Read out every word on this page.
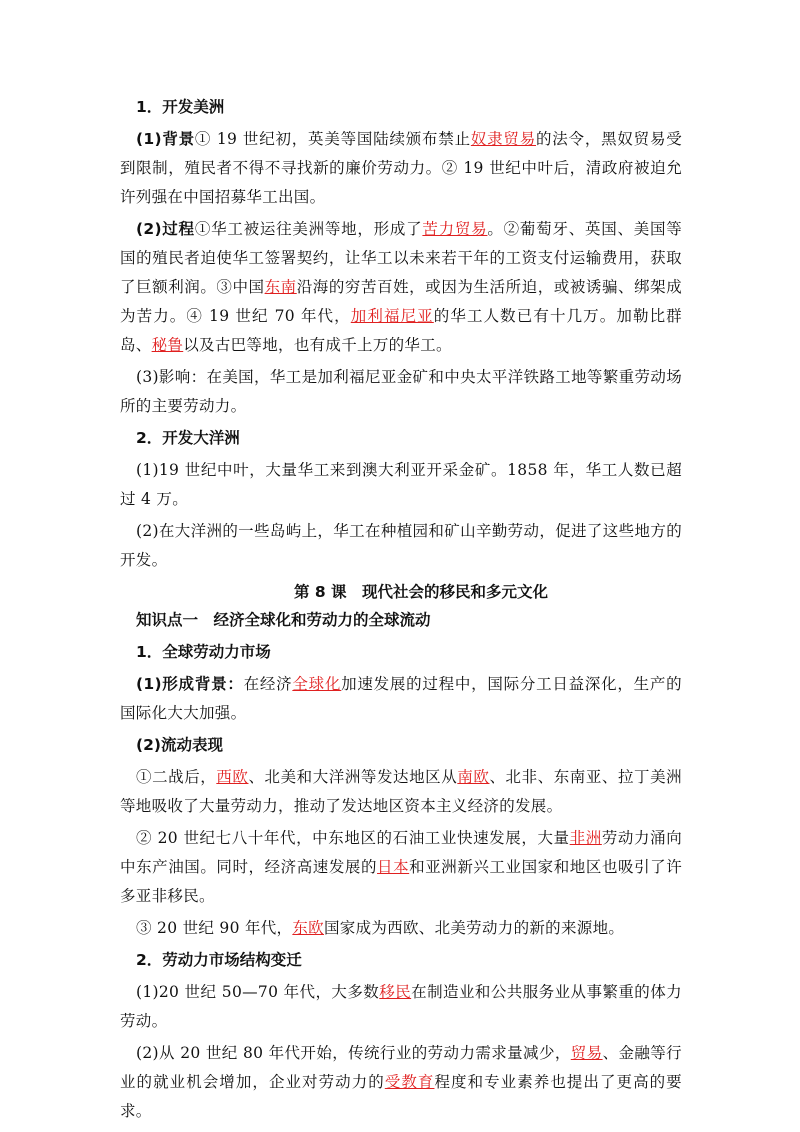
1．开发美洲

(1)背景① 19 世纪初，英美等国陆续颁布禁止奴隶贸易的法令，黑奴贸易受到限制，殖民者不得不寻找新的廉价劳动力。② 19 世纪中叶后，清政府被迫允许列强在中国招募华工出国。

(2)过程①华工被运往美洲等地，形成了苦力贸易。②葡萄牙、英国、美国等国的殖民者迫使华工签署契约，让华工以未来若干年的工资支付运输费用，获取了巨额利润。③中国东南沿海的穷苦百姓，或因为生活所迫，或被诱骗、绑架成为苦力。④ 19 世纪 70 年代，加利福尼亚的华工人数已有十几万。加勒比群岛、秘鲁以及古巴等地，也有成千上万的华工。

(3)影响：在美国，华工是加利福尼亚金矿和中央太平洋铁路工地等繁重劳动场所的主要劳动力。

2．开发大洋洲

(1)19 世纪中叶，大量华工来到澳大利亚开采金矿。1858 年，华工人数已超过 4 万。

(2)在大洋洲的一些岛屿上，华工在种植园和矿山辛勤劳动，促进了这些地方的开发。

第 8 课　现代社会的移民和多元文化

知识点一　经济全球化和劳动力的全球流动

1．全球劳动力市场

(1)形成背景：在经济全球化加速发展的过程中，国际分工日益深化，生产的国际化大大加强。

(2)流动表现

①二战后，西欧、北美和大洋洲等发达地区从南欧、北非、东南亚、拉丁美洲等地吸收了大量劳动力，推动了发达地区资本主义经济的发展。

② 20 世纪七八十年代，中东地区的石油工业快速发展，大量非洲劳动力涌向中东产油国。同时，经济高速发展的日本和亚洲新兴工业国家和地区也吸引了许多亚非移民。

③ 20 世纪 90 年代，东欧国家成为西欧、北美劳动力的新的来源地。

2．劳动力市场结构变迁

(1)20 世纪 50—70 年代，大多数移民在制造业和公共服务业从事繁重的体力劳动。

(2)从 20 世纪 80 年代开始，传统行业的劳动力需求量减少，贸易、金融等行业的就业机会增加，企业对劳动力的受教育程度和专业素养也提出了更高的要求。
